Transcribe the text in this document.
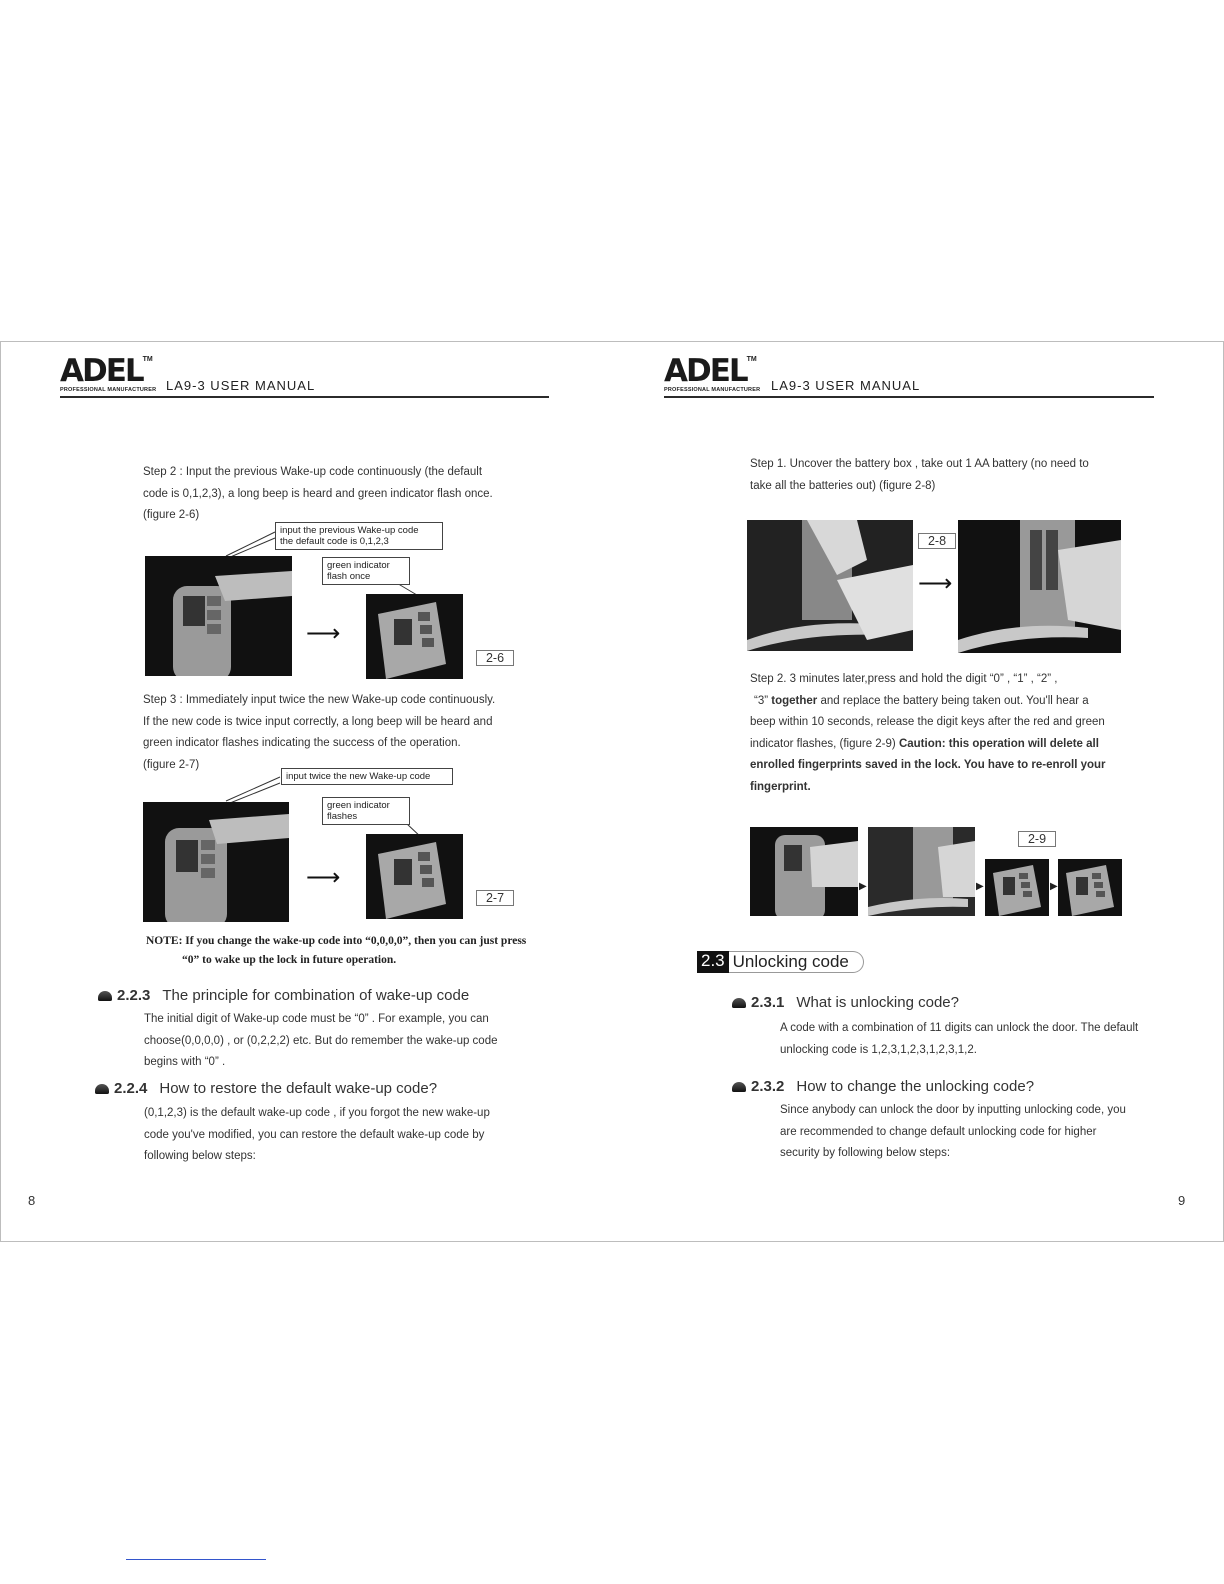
ADEL™
PROFESSIONAL MANUFACTURER LA9-3 USER MANUAL

Step 2 : Input the previous Wake-up code continuously (the default

code is 0,1,2,3), a long beep is heard and green indicator flash once.

(figure 2-6)

input the previous Wake-up code
the default code is 0,1,2,3
green indicator
flash once
⟶
2-6

Step 3 : Immediately input twice the new Wake-up code continuously.

If the new code is twice input correctly, a long beep will be heard and

green indicator flashes indicating the success of the operation.

(figure 2-7)

input twice the new Wake-up code
green indicator
flashes
⟶
2-7
NOTE: If you change the wake-up code into “0,0,0,0”, then you can just press
“0” to wake up the lock in future operation.
2.2.3 The principle for combination of wake-up code

The initial digit of Wake-up code must be “0” . For example, you can

choose(0,0,0,0) , or (0,2,2,2) etc. But do remember the wake-up code

begins with “0” .

2.2.4 How to restore the default wake-up code?

(0,1,2,3) is the default wake-up code , if you forgot the new wake-up

code you've modified, you can restore the default wake-up code by

following below steps:

8
ADEL™
PROFESSIONAL MANUFACTURER LA9-3 USER MANUAL

Step 1. Uncover the battery box , take out 1 AA battery (no need to

take all the batteries out) (figure 2-8)

2-8
⟶

Step 2. 3 minutes later,press and hold the digit “0” , “1” , “2” ,

“3” together and replace the battery being taken out. You'll hear a

beep within 10 seconds, release the digit keys after the red and green

indicator flashes, (figure 2-9) Caution: this operation will delete all

enrolled fingerprints saved in the lock. You have to re-enroll your

fingerprint.

2-9
▶	▶	▶
2.3 Unlocking code
2.3.1 What is unlocking code?

A code with a combination of 11 digits can unlock the door. The default

unlocking code is 1,2,3,1,2,3,1,2,3,1,2.

2.3.2 How to change the unlocking code?

Since anybody can unlock the door by inputting unlocking code, you

are recommended to change default unlocking code for higher

security by following below steps:

9
